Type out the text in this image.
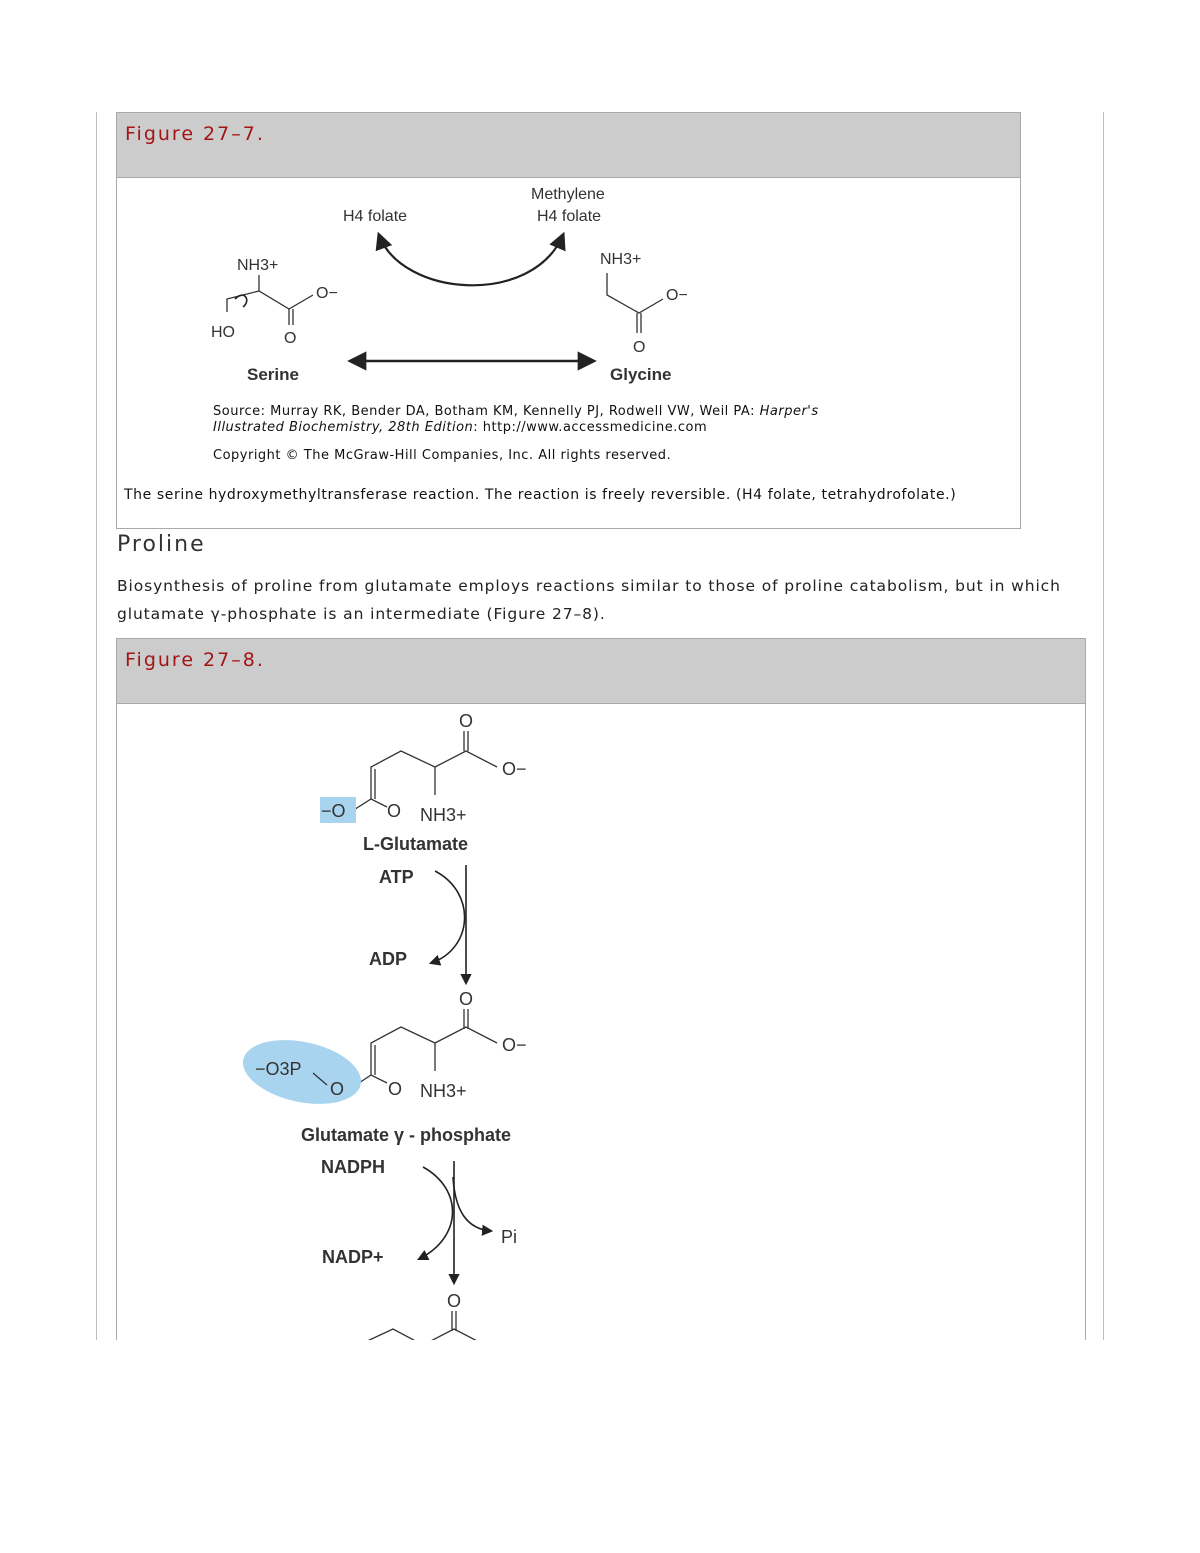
Figure 27–7.
H4 folate
Methylene
H4 folate
NH3+
O−
HO	O
Serine
NH3+
O−
O
Glycine
Source: Murray RK, Bender DA, Botham KM, Kennelly PJ, Rodwell VW, Weil PA: Harper's
Illustrated Biochemistry, 28th Edition: http://www.accessmedicine.com
Copyright © The McGraw-Hill Companies, Inc. All rights reserved.
The serine hydroxymethyltransferase reaction. The reaction is freely reversible. (H4 folate, tetrahydrofolate.)
Proline
Biosynthesis of proline from glutamate employs reactions similar to those of proline catabolism, but in which glutamate γ-phosphate is an intermediate (Figure 27–8).
Figure 27–8.
O
O−
−O O NH3+
L-Glutamate
ATP
ADP
O
O−
−O3P
O O NH3+
Glutamate γ - phosphate
NADPH
NADP+
Pi
O
